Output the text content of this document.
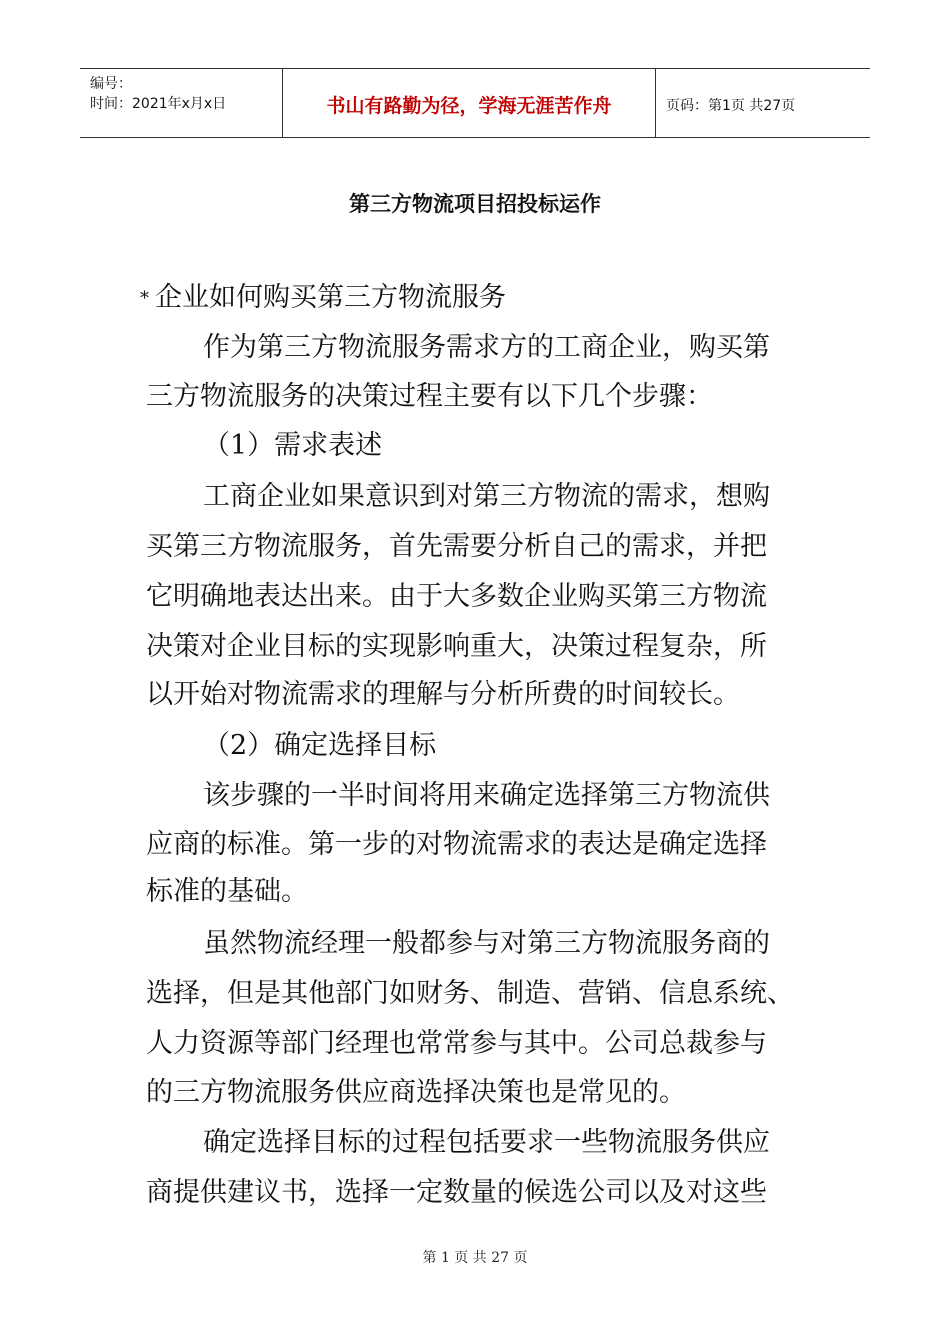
编号：
时间：2021年x月x日	书山有路勤为径，学海无涯苦作舟	页码：第1页 共27页
第三方物流项目招投标运作
* 企业如何购买第三方物流服务
作为第三方物流服务需求方的工商企业，购买第
三方物流服务的决策过程主要有以下几个步骤：
（1）需求表述
工商企业如果意识到对第三方物流的需求，想购
买第三方物流服务，首先需要分析自己的需求，并把
它明确地表达出来。由于大多数企业购买第三方物流
决策对企业目标的实现影响重大，决策过程复杂，所
以开始对物流需求的理解与分析所费的时间较长。
（2）确定选择目标
该步骤的一半时间将用来确定选择第三方物流供
应商的标准。第一步的对物流需求的表达是确定选择
标准的基础。
虽然物流经理一般都参与对第三方物流服务商的
选择，但是其他部门如财务、制造、营销、信息系统、
人力资源等部门经理也常常参与其中。公司总裁参与
的三方物流服务供应商选择决策也是常见的。
确定选择目标的过程包括要求一些物流服务供应
商提供建议书，选择一定数量的候选公司以及对这些
第 1 页 共 27 页
